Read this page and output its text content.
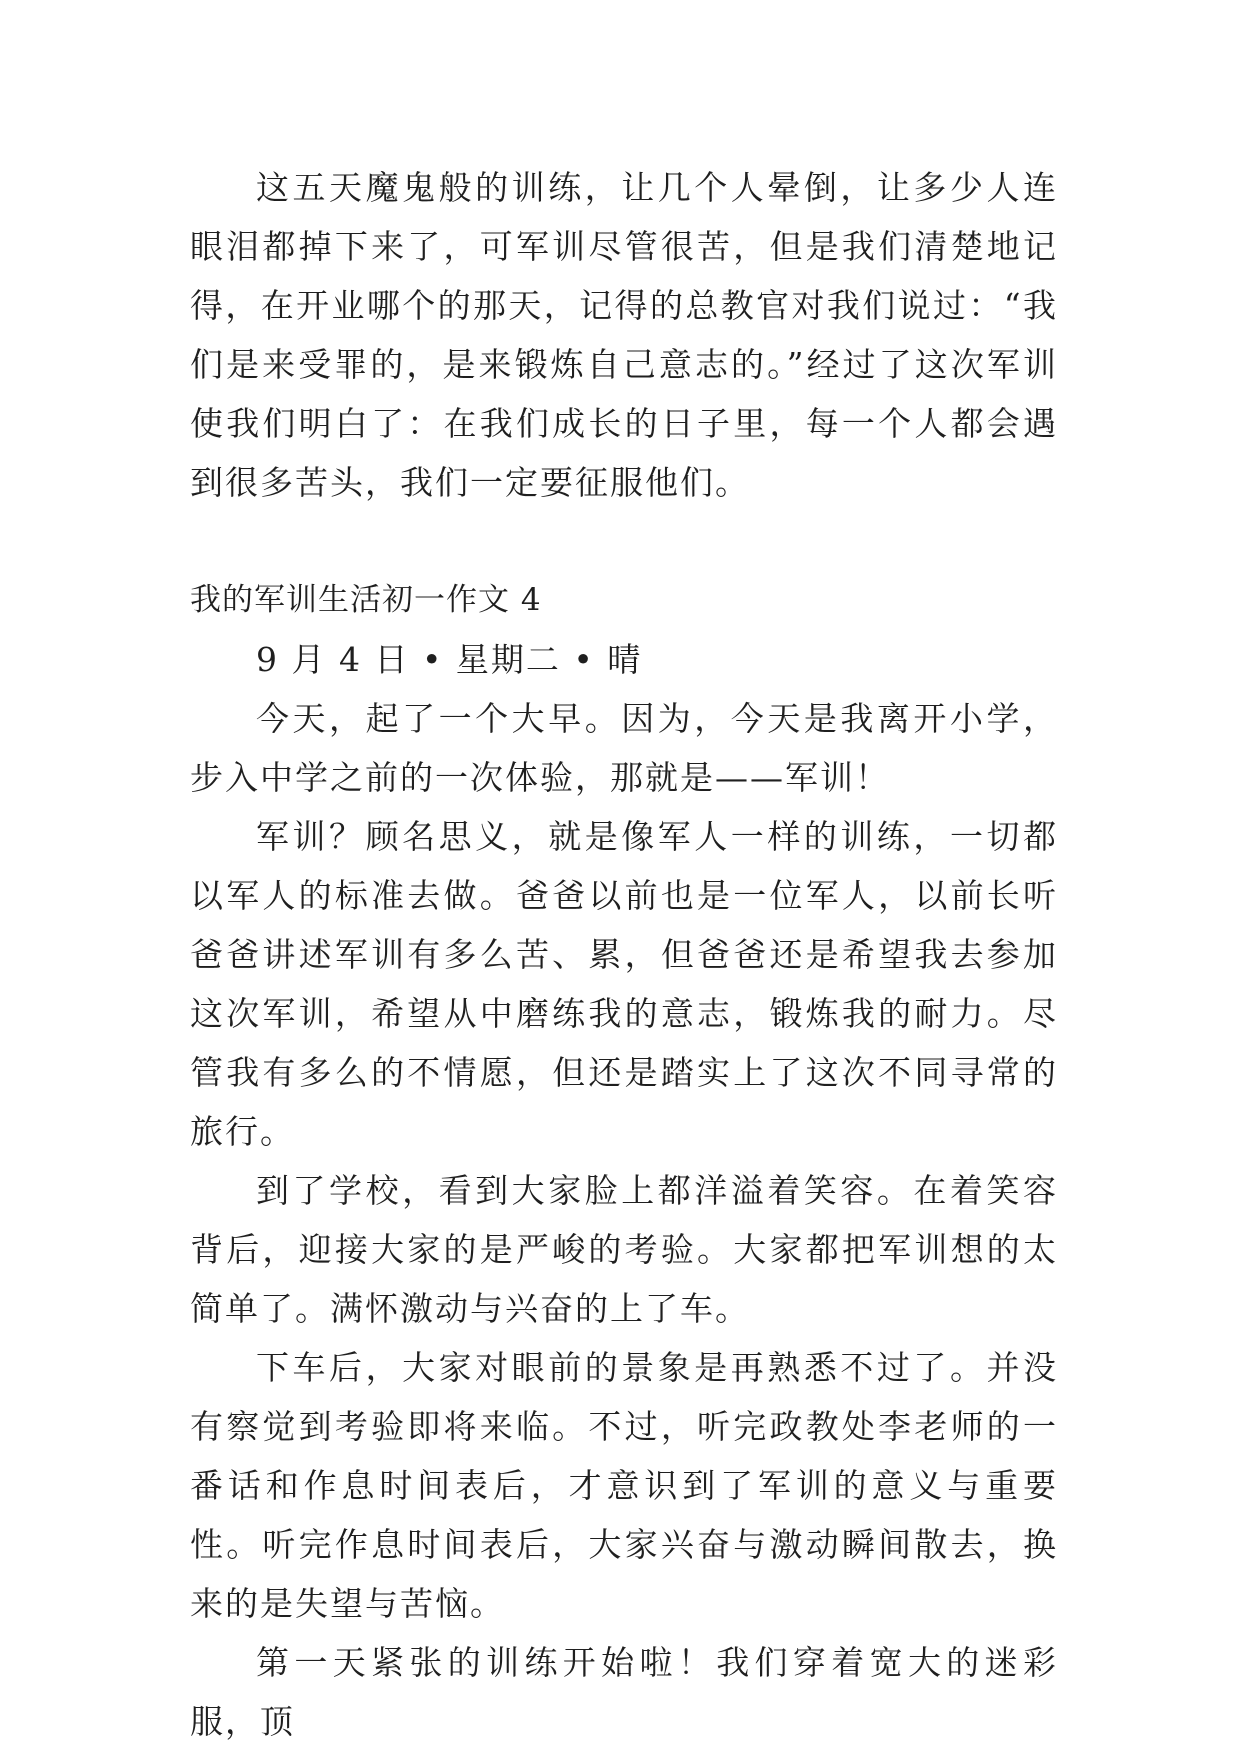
这五天魔鬼般的训练，让几个人晕倒，让多少人连眼泪都掉下来了，可军训尽管很苦，但是我们清楚地记得，在开业哪个的那天，记得的总教官对我们说过：“我们是来受罪的，是来锻炼自己意志的。”经过了这次军训使我们明白了：在我们成长的日子里，每一个人都会遇到很多苦头，我们一定要征服他们。

我的军训生活初一作文 4

9 月 4 日 • 星期二 • 晴

今天，起了一个大早。因为，今天是我离开小学，步入中学之前的一次体验，那就是——军训！

军训？顾名思义，就是像军人一样的训练，一切都以军人的标准去做。爸爸以前也是一位军人，以前长听爸爸讲述军训有多么苦、累，但爸爸还是希望我去参加这次军训，希望从中磨练我的意志，锻炼我的耐力。尽管我有多么的不情愿，但还是踏实上了这次不同寻常的旅行。

到了学校，看到大家脸上都洋溢着笑容。在着笑容背后，迎接大家的是严峻的考验。大家都把军训想的太简单了。满怀激动与兴奋的上了车。

下车后，大家对眼前的景象是再熟悉不过了。并没有察觉到考验即将来临。不过，听完政教处李老师的一番话和作息时间表后，才意识到了军训的意义与重要性。听完作息时间表后，大家兴奋与激动瞬间散去，换来的是失望与苦恼。

第一天紧张的训练开始啦！我们穿着宽大的迷彩服，顶
